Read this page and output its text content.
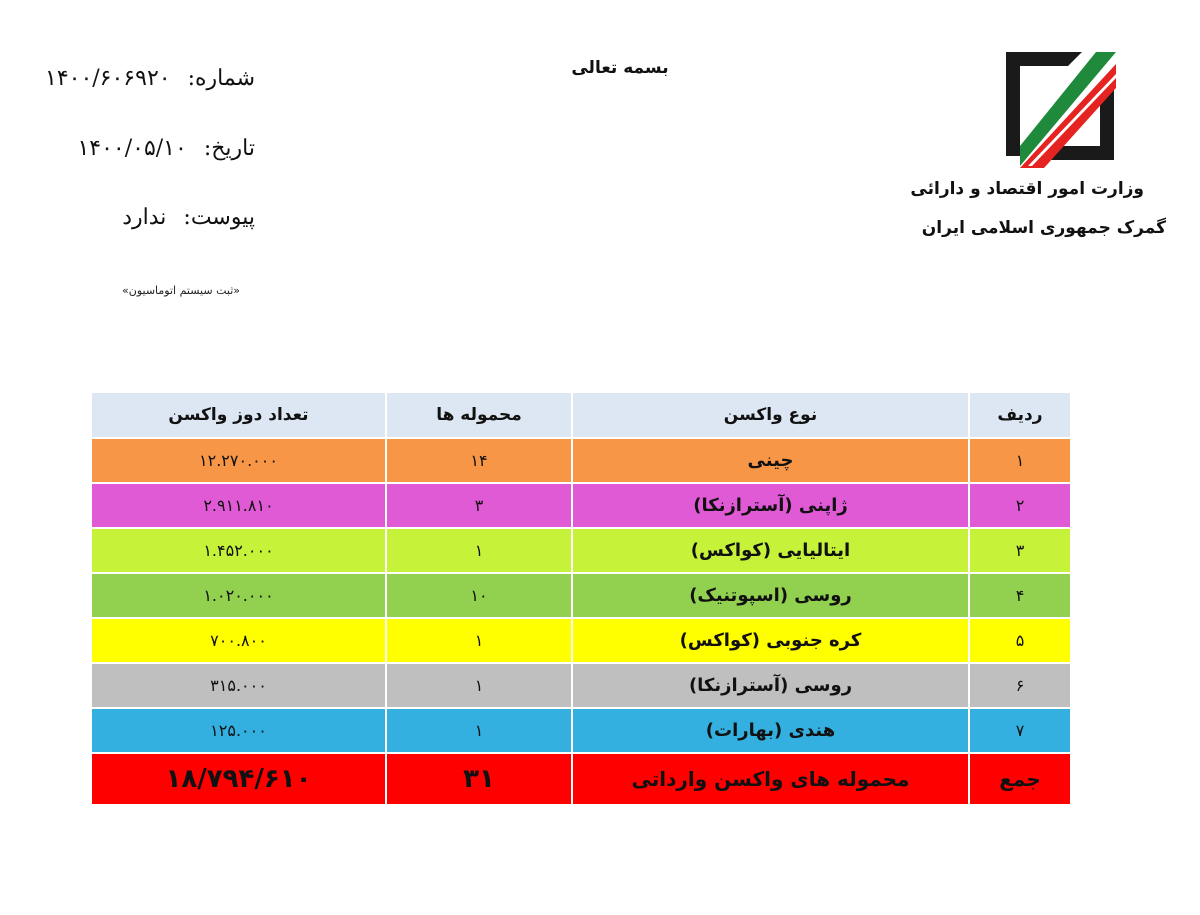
بسمه تعالی
شماره: ۱۴۰۰/۶۰۶۹۲۰
تاریخ: ۱۴۰۰/۰۵/۱۰
پیوست: ندارد
«ثبت سیستم اتوماسیون»
وزارت امور اقتصاد و دارائی
گمرک جمهوری اسلامی ایران
ردیف	نوع واکسن	محموله ها	تعداد دوز واکسن
۱	چینی	۱۴	۱۲.۲۷۰.۰۰۰
۲	ژاپنی (آسترازنکا)	۳	۲.۹۱۱.۸۱۰
۳	ایتالیایی (کواکس)	۱	۱.۴۵۲.۰۰۰
۴	روسی (اسپوتنیک)	۱۰	۱.۰۲۰.۰۰۰
۵	کره جنوبی (کواکس)	۱	۷۰۰.۸۰۰
۶	روسی (آسترازنکا)	۱	۳۱۵.۰۰۰
۷	هندی (بهارات)	۱	۱۲۵.۰۰۰
جمع	محموله های واکسن وارداتی	۳۱	۱۸/۷۹۴/۶۱۰
